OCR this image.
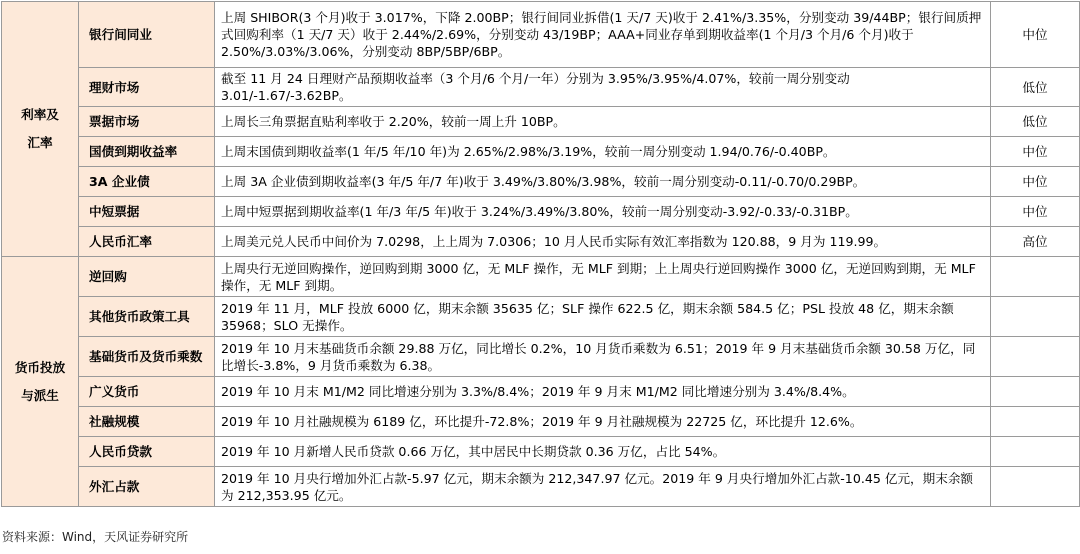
利率及
汇率	银行间同业	上周 SHIBOR(3 个月)收于 3.017%，下降 2.00BP；银行间同业拆借(1 天/7 天)收于 2.41%/3.35%，分别变动 39/44BP；银行间质押式回购利率（1 天/7 天）收于 2.44%/2.69%，分别变动 43/19BP；AAA+同业存单到期收益率(1 个月/3 个月/6 个月)收于 2.50%/3.03%/3.06%，分别变动 8BP/5BP/6BP。	中位
	理财市场	截至 11 月 24 日理财产品预期收益率（3 个月/6 个月/一年）分别为 3.95%/3.95%/4.07%，较前一周分别变动 3.01/-1.67/-3.62BP。	低位
	票据市场	上周长三角票据直贴利率收于 2.20%，较前一周上升 10BP。	低位
	国债到期收益率	上周末国债到期收益率(1 年/5 年/10 年)为 2.65%/2.98%/3.19%，较前一周分别变动 1.94/0.76/-0.40BP。	中位
	3A 企业债	上周 3A 企业债到期收益率(3 年/5 年/7 年)收于 3.49%/3.80%/3.98%，较前一周分别变动-0.11/-0.70/0.29BP。	中位
	中短票据	上周中短票据到期收益率(1 年/3 年/5 年)收于 3.24%/3.49%/3.80%，较前一周分别变动-3.92/-0.33/-0.31BP。	中位
	人民币汇率	上周美元兑人民币中间价为 7.0298，上上周为 7.0306；10 月人民币实际有效汇率指数为 120.88，9 月为 119.99。	高位

货币投放
与派生	逆回购	上周央行无逆回购操作，逆回购到期 3000 亿，无 MLF 操作，无 MLF 到期；上上周央行逆回购操作 3000 亿，无逆回购到期，无 MLF 操作，无 MLF 到期。	
	其他货币政策工具	2019 年 11 月，MLF 投放 6000 亿，期末余额 35635 亿；SLF 操作 622.5 亿，期末余额 584.5 亿；PSL 投放 48 亿，期末余额 35968；SLO 无操作。	
	基础货币及货币乘数	2019 年 10 月末基础货币余额 29.88 万亿，同比增长 0.2%，10 月货币乘数为 6.51；2019 年 9 月末基础货币余额 30.58 万亿，同比增长-3.8%，9 月货币乘数为 6.38。	
	广义货币	2019 年 10 月末 M1/M2 同比增速分别为 3.3%/8.4%；2019 年 9 月末 M1/M2 同比增速分别为 3.4%/8.4%。	
	社融规模	2019 年 10 月社融规模为 6189 亿，环比提升-72.8%；2019 年 9 月社融规模为 22725 亿，环比提升 12.6%。	
	人民币贷款	2019 年 10 月新增人民币贷款 0.66 万亿，其中居民中长期贷款 0.36 万亿，占比 54%。	
	外汇占款	2019 年 10 月央行增加外汇占款-5.97 亿元，期末余额为 212,347.97 亿元。2019 年 9 月央行增加外汇占款-10.45 亿元，期末余额为 212,353.95 亿元。	
资料来源：Wind，天风证券研究所
